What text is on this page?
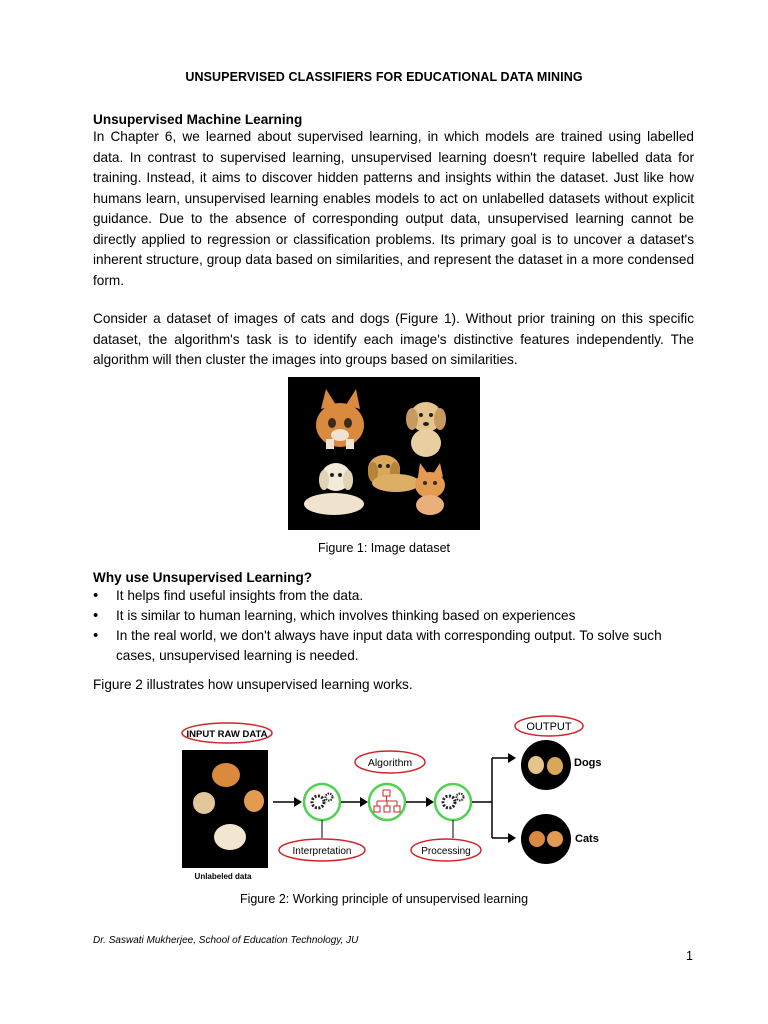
UNSUPERVISED CLASSIFIERS FOR EDUCATIONAL DATA MINING
Unsupervised Machine Learning
In Chapter 6, we learned about supervised learning, in which models are trained using labelled data. In contrast to supervised learning, unsupervised learning doesn't require labelled data for training. Instead, it aims to discover hidden patterns and insights within the dataset. Just like how humans learn, unsupervised learning enables models to act on unlabelled datasets without explicit guidance. Due to the absence of corresponding output data, unsupervised learning cannot be directly applied to regression or classification problems. Its primary goal is to uncover a dataset's inherent structure, group data based on similarities, and represent the dataset in a more condensed form.
Consider a dataset of images of cats and dogs (Figure 1). Without prior training on this specific dataset, the algorithm's task is to identify each image's distinctive features independently. The algorithm will then cluster the images into groups based on similarities.
Figure 1: Image dataset
Why use Unsupervised Learning?
• It helps find useful insights from the data.
• It is similar to human learning, which involves thinking based on experiences
• In the real world, we don't always have input data with corresponding output. To solve such cases, unsupervised learning is needed.
Figure 2 illustrates how unsupervised learning works.
INPUT RAW DATA
Unlabeled data
Interpretation
Algorithm
Processing
OUTPUT
Dogs
Cats
Figure 2: Working principle of unsupervised learning
Dr. Saswati Mukherjee, School of Education Technology, JU
1
